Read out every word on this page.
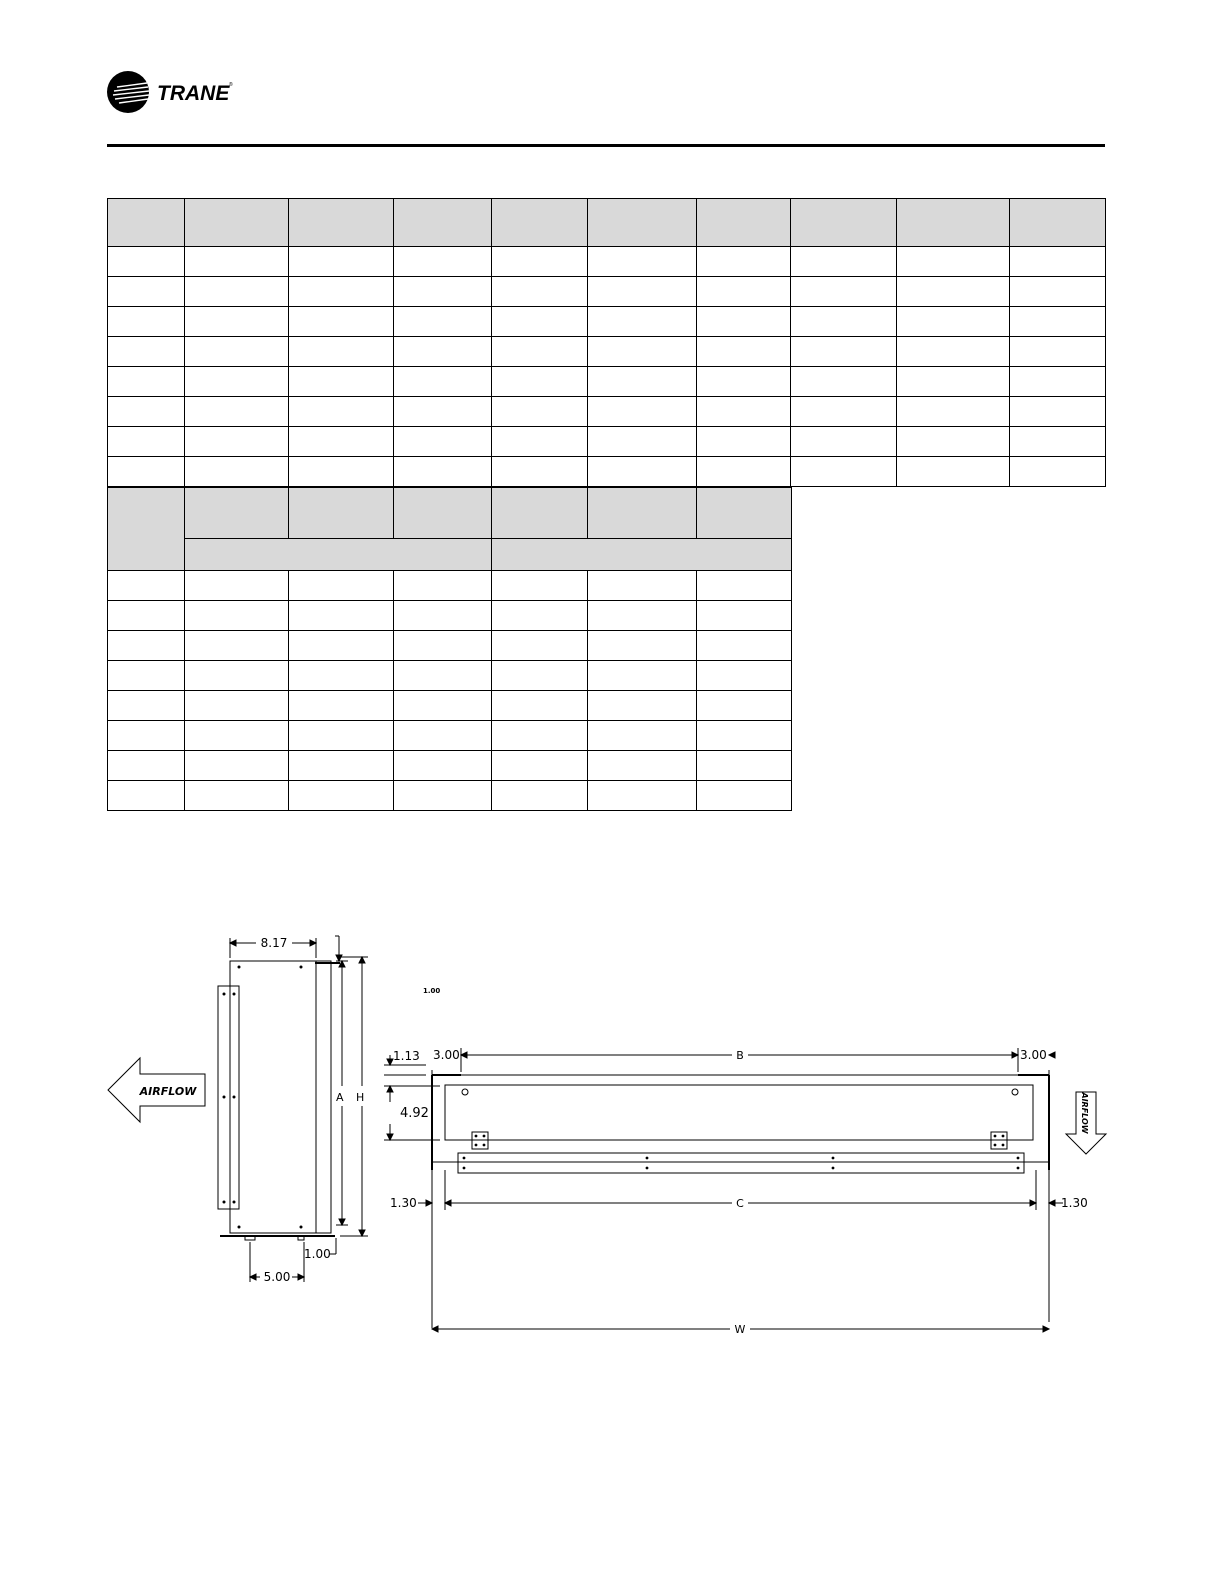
TRANE ®

8.17
A H
1.00
5.00
AIRFLOW
1.00
W
B
C
1.13 3.00	3.00
4.92
1.30	1.30
AIRFLOW
